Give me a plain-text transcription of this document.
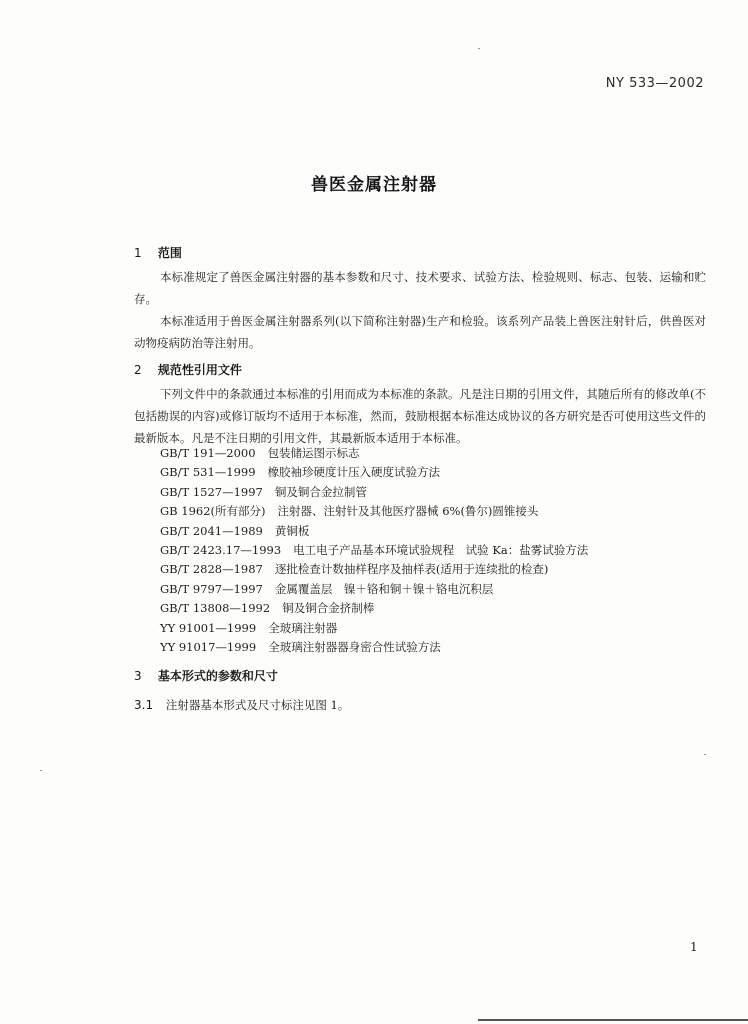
NY 533—2002
兽医金属注射器
1 范围

本标准规定了兽医金属注射器的基本参数和尺寸、技术要求、试验方法、检验规则、标志、包装、运输和贮存。

本标准适用于兽医金属注射器系列(以下简称注射器)生产和检验。该系列产品装上兽医注射针后，供兽医对动物疫病防治等注射用。

2 规范性引用文件

下列文件中的条款通过本标准的引用而成为本标准的条款。凡是注日期的引用文件，其随后所有的修改单(不包括勘误的内容)或修订版均不适用于本标准，然而，鼓励根据本标准达成协议的各方研究是否可使用这些文件的最新版本。凡是不注日期的引用文件，其最新版本适用于本标准。

GB/T 191—2000 包装储运图示标志
GB/T 531—1999 橡胶袖珍硬度计压入硬度试验方法
GB/T 1527—1997 铜及铜合金拉制管
GB 1962(所有部分) 注射器、注射针及其他医疗器械 6%(鲁尔)圆锥接头
GB/T 2041—1989 黄铜板
GB/T 2423.17—1993 电工电子产品基本环境试验规程　试验 Ka：盐雾试验方法
GB/T 2828—1987 逐批检查计数抽样程序及抽样表(适用于连续批的检查)
GB/T 9797—1997 金属覆盖层　镍＋铬和铜＋镍＋铬电沉积层
GB/T 13808—1992 铜及铜合金挤制棒
YY 91001—1999 全玻璃注射器
YY 91017—1999 全玻璃注射器器身密合性试验方法
3 基本形式的参数和尺寸
3.1 注射器基本形式及尺寸标注见图 1。
1
